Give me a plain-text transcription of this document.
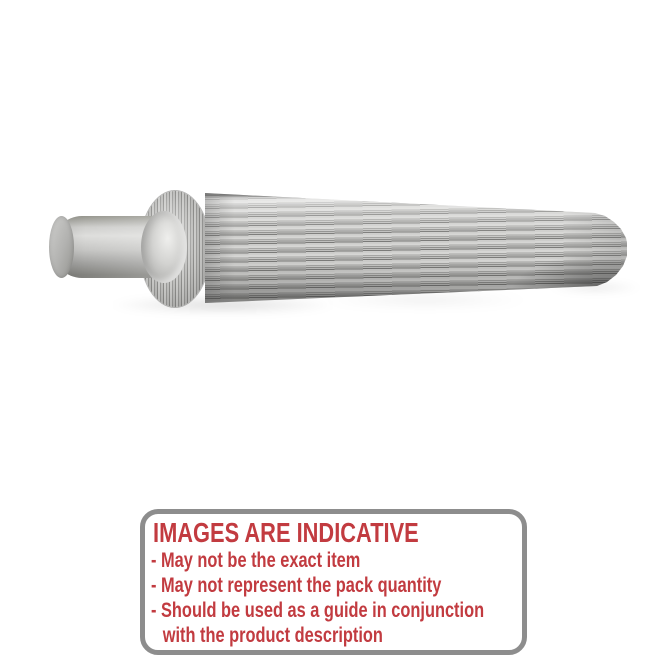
IMAGES ARE INDICATIVE
- May not be the exact item
- May not represent the pack quantity
- Should be used as a guide in conjunction
with the product description
